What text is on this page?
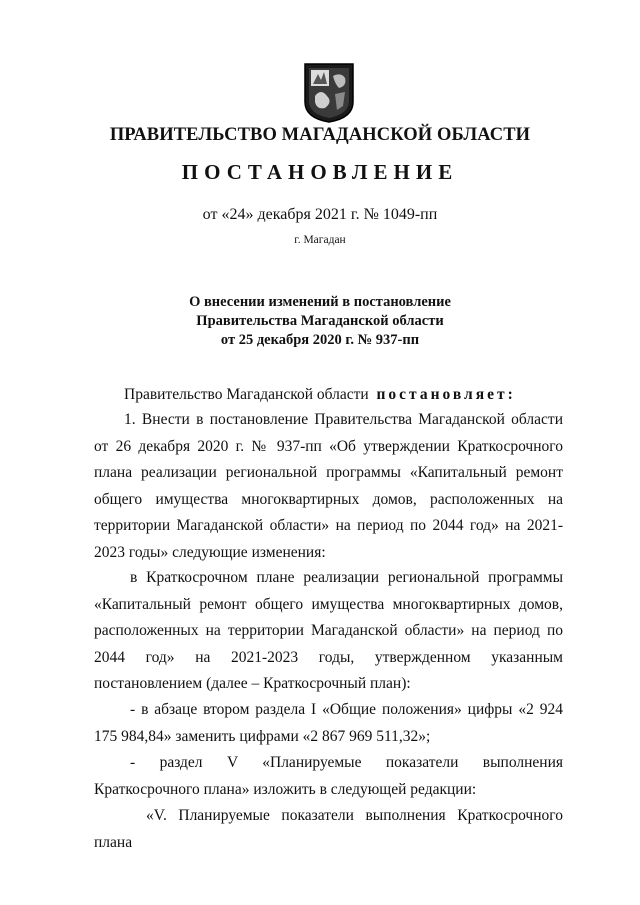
ПРАВИТЕЛЬСТВО МАГАДАНСКОЙ ОБЛАСТИ
ПОСТАНОВЛЕНИЕ
от «24» декабря 2021 г. № 1049-пп
г. Магадан
О внесении изменений в постановление
Правительства Магаданской области
от 25 декабря 2020 г. № 937-пп

Правительство Магаданской области постановляет:

1. Внести в постановление Правительства Магаданской области от 26 декабря 2020 г. № 937-пп «Об утверждении Краткосрочного плана реализации региональной программы «Капитальный ремонт общего имущества многоквартирных домов, расположенных на территории Магаданской области» на период по 2044 год» на 2021-2023 годы» следующие изменения:

в Краткосрочном плане реализации региональной программы «Капитальный ремонт общего имущества многоквартирных домов, расположенных на территории Магаданской области» на период по 2044 год» на 2021-2023 годы, утвержденном указанным постановлением (далее – Краткосрочный план):

- в абзаце втором раздела I «Общие положения» цифры «2 924 175 984,84» заменить цифрами «2 867 969 511,32»;

- раздел V «Планируемые показатели выполнения Краткосрочного плана» изложить в следующей редакции:

«V. Планируемые показатели выполнения Краткосрочного плана
